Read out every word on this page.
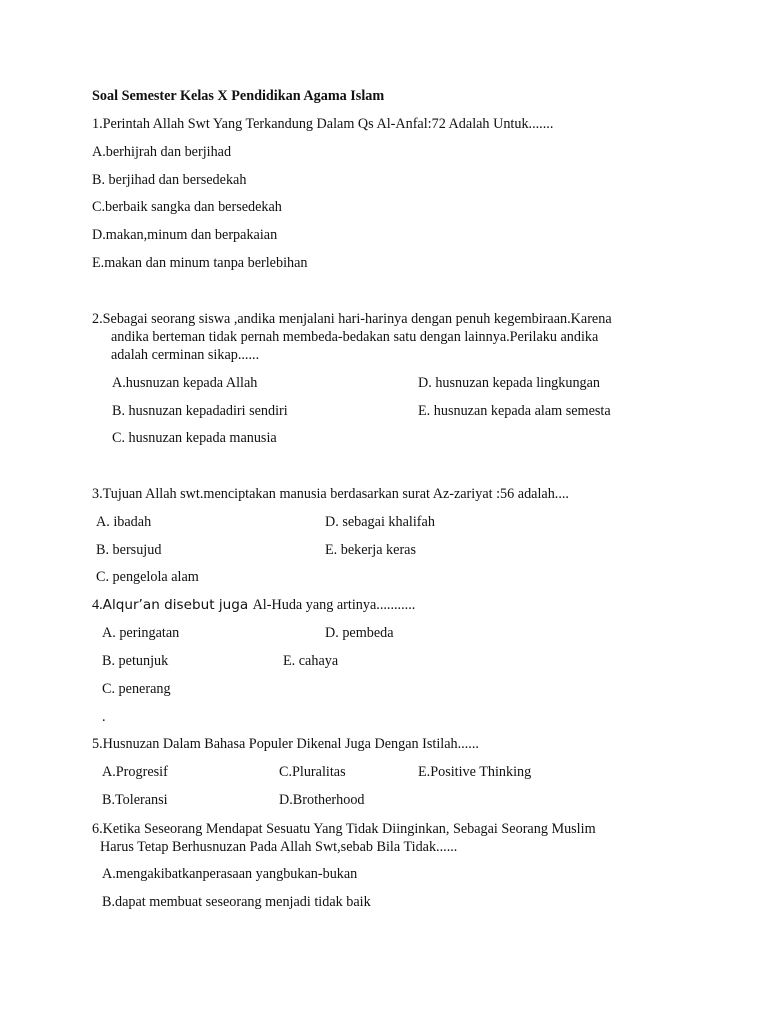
Soal Semester Kelas X Pendidikan Agama Islam
1.Perintah Allah Swt Yang Terkandung Dalam Qs Al-Anfal:72 Adalah Untuk.......
A.berhijrah dan berjihad
B. berjihad dan bersedekah
C.berbaik sangka dan bersedekah
D.makan,minum dan berpakaian
E.makan dan minum tanpa berlebihan
2.Sebagai seorang siswa ,andika menjalani hari-harinya dengan penuh kegembiraan.Karena
andika berteman tidak pernah membeda-bedakan satu dengan lainnya.Perilaku andika
adalah cerminan sikap......
A.husnuzan kepada Allah	D. husnuzan kepada lingkungan
B. husnuzan kepadadiri sendiri	E. husnuzan kepada alam semesta
C. husnuzan kepada manusia
3.Tujuan Allah swt.menciptakan manusia berdasarkan surat Az-zariyat :56 adalah....
A. ibadah	D. sebagai khalifah
B. bersujud	E. bekerja keras
C. pengelola alam
4.Alqur’an disebut juga Al-Huda yang artinya...........
A. peringatan	D. pembeda
B. petunjuk	E. cahaya
C. penerang
.
5.Husnuzan Dalam Bahasa Populer Dikenal Juga Dengan Istilah......
A.Progresif	C.Pluralitas	E.Positive Thinking
B.Toleransi	D.Brotherhood
6.Ketika Seseorang Mendapat Sesuatu Yang Tidak Diinginkan, Sebagai Seorang Muslim
Harus Tetap Berhusnuzan Pada Allah Swt,sebab Bila Tidak......
A.mengakibatkanperasaan yangbukan-bukan
B.dapat membuat seseorang menjadi tidak baik
